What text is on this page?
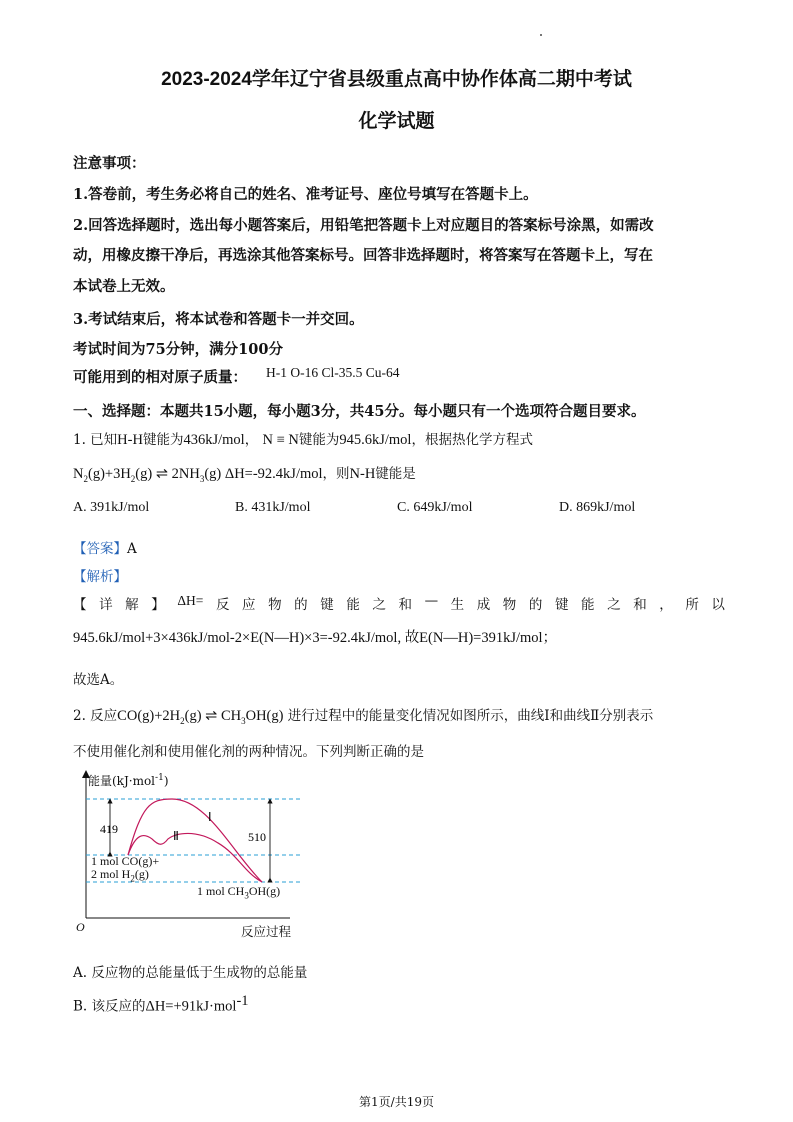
2023-2024学年辽宁省县级重点高中协作体高二期中考试
化学试题
注意事项：
1.答卷前，考生务必将自己的姓名、准考证号、座位号填写在答题卡上。
2.回答选择题时，选出每小题答案后，用铅笔把答题卡上对应题目的答案标号涂黑，如需改
动，用橡皮擦干净后，再选涂其他答案标号。回答非选择题时，将答案写在答题卡上，写在
本试卷上无效。
3.考试结束后，将本试卷和答题卡一并交回。
考试时间为75分钟，满分100分
可能用到的相对原子质量： H-1 O-16 Cl-35.5 Cu-64
一、选择题：本题共15小题，每小题3分，共45分。每小题只有一个选项符合题目要求。
1. 已知H-H键能为436kJ/mol， N ≡ N键能为945.6kJ/mol，根据热化学方程式
$N_2(g)+3H_2(g)$ ⇌ $2NH_3(g)$ ΔH=-92.4kJ/mol，则N-H键能是
A. 391kJ/mol	B. 431kJ/mol	C. 649kJ/mol	D. 869kJ/mol
【答案】A
【解析】
【 详 解 】 ΔH= 反 应 物 的 键 能 之 和 — 生 成 物 的 键 能 之 和 ， 所 以
945.6kJ/mol+3×436kJ/mol-2×E(N—H)×3=-92.4kJ/mol, 故E(N—H)=391kJ/mol；
故选A。
2. 反应$CO(g)+2H_2(g)$ ⇌ $CH_3OH(g)$ 进行过程中的能量变化情况如图所示，曲线Ⅰ和曲线Ⅱ分别表示
不使用催化剂和使用催化剂的两种情况。下列判断正确的是
419
510
Ⅰ
Ⅱ
能量(kJ·mol$^{-1}$)
1 mol CO(g)+
2 mol $H_2(g)$
1 mol $CH_3OH(g)$
O	反应过程
A. 反应物的总能量低于生成物的总能量
B. 该反应的ΔH=+91kJ·mol$^{-1}$
第1页/共19页
